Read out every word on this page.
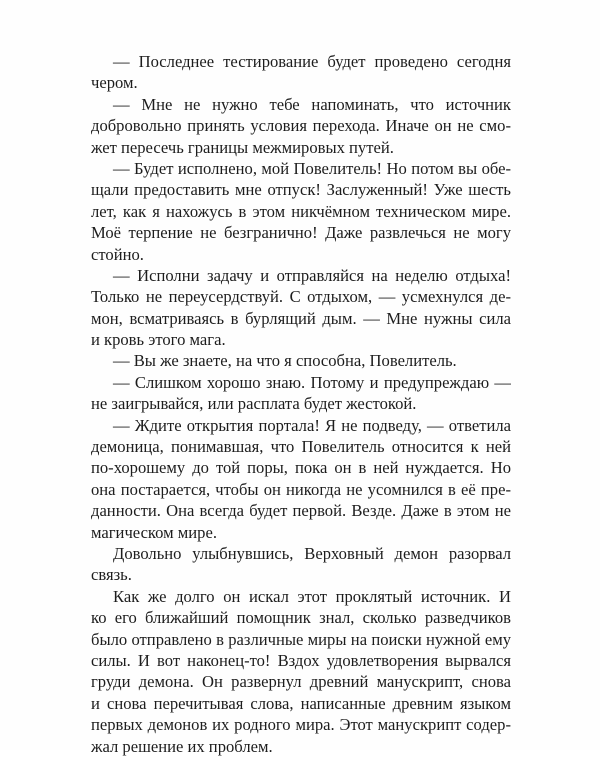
— Последнее тестирование будет проведено сегодня
чером.
— Мне не нужно тебе напоминать, что источник
добровольно принять условия перехода. Иначе он не смо-
жет пересечь границы межмировых путей.
— Будет исполнено, мой Повелитель! Но потом вы обе-
щали предоставить мне отпуск! Заслуженный! Уже шесть
лет, как я нахожусь в этом никчёмном техническом мире.
Моё терпение не безгранично! Даже развлечься не могу
стойно.
— Исполни задачу и отправляйся на неделю отдыха!
Только не переусердствуй. С отдыхом, — усмехнулся де-
мон, всматриваясь в бурлящий дым. — Мне нужны сила
и кровь этого мага.
— Вы же знаете, на что я способна, Повелитель.
— Слишком хорошо знаю. Потому и предупреждаю —
не заигрывайся, или расплата будет жестокой.
— Ждите открытия портала! Я не подведу, — ответила
демоница, понимавшая, что Повелитель относится к ней
по-хорошему до той поры, пока он в ней нуждается. Но
она постарается, чтобы он никогда не усомнился в её пре-
данности. Она всегда будет первой. Везде. Даже в этом не
магическом мире.
Довольно улыбнувшись, Верховный демон разорвал
связь.
Как же долго он искал этот проклятый источник. И
ко его ближайший помощник знал, сколько разведчиков
было отправлено в различные миры на поиски нужной ему
силы. И вот наконец-то! Вздох удовлетворения вырвался
груди демона. Он развернул древний манускрипт, снова
и снова перечитывая слова, написанные древним языком
первых демонов их родного мира. Этот манускрипт содер-
жал решение их проблем.
